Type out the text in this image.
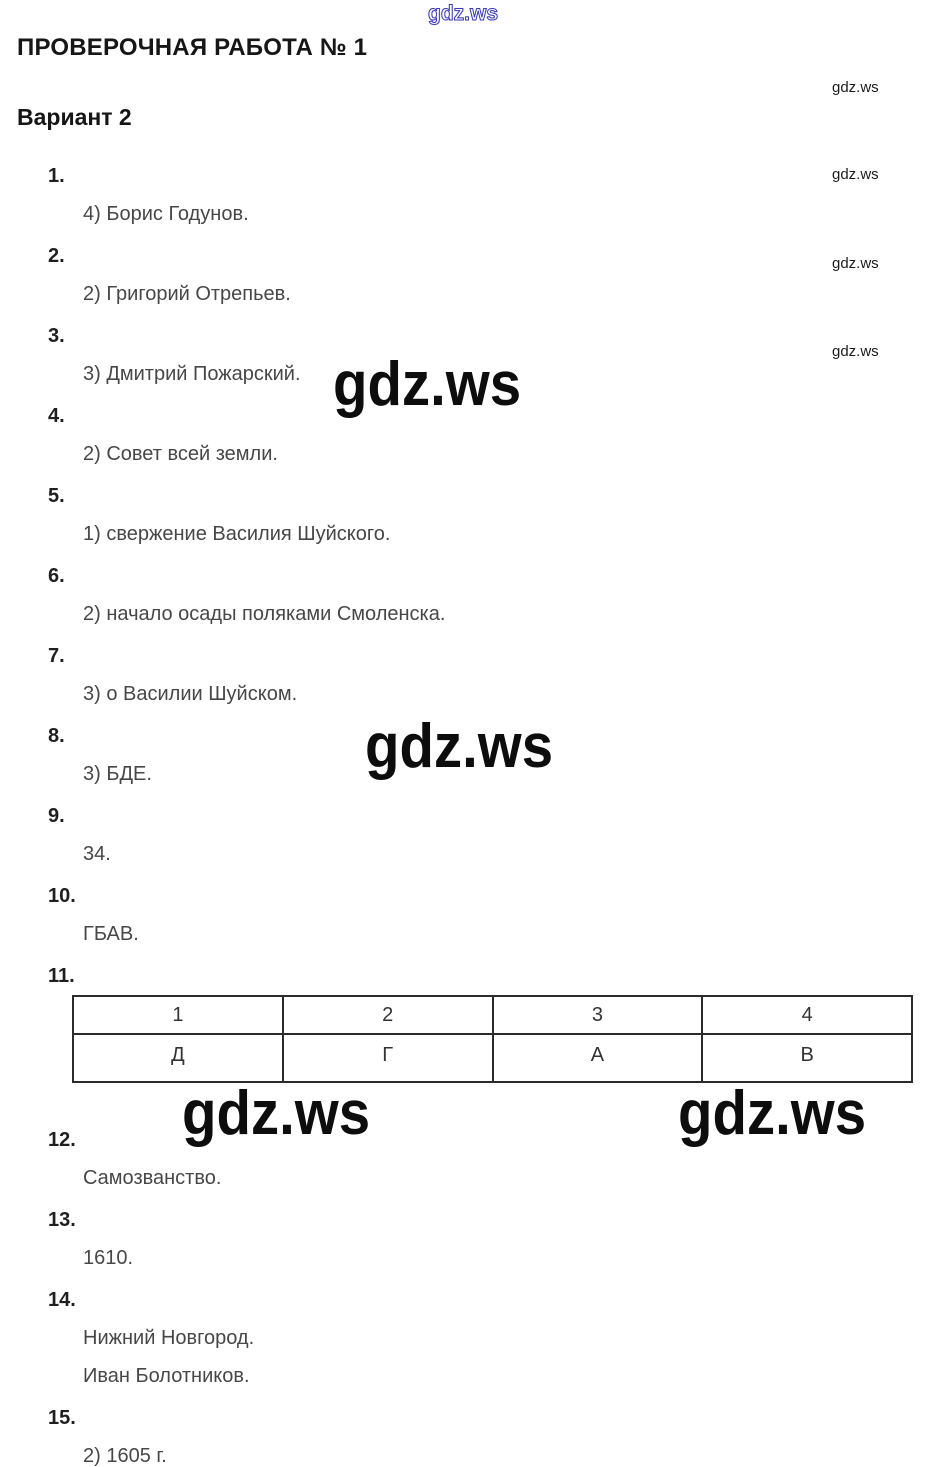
gdz.ws
ПРОВЕРОЧНАЯ РАБОТА № 1
gdz.ws
Вариант 2
gdz.ws
gdz.ws
gdz.ws
gdz.ws
gdz.ws
gdz.ws	gdz.ws
1.
4) Борис Годунов.
2.
2) Григорий Отрепьев.
3.
3) Дмитрий Пожарский.
4.
2) Совет всей земли.
5.
1) свержение Василия Шуйского.
6.
2) начало осады поляками Смоленска.
7.
3) о Василии Шуйском.
8.
3) БДЕ.
9.
34.
10.
ГБАВ.
11.
1	2	3	4
Д	Г	А	В
12.
Самозванство.
13.
1610.
14.
Нижний Новгород.
Иван Болотников.
15.
2) 1605 г.
